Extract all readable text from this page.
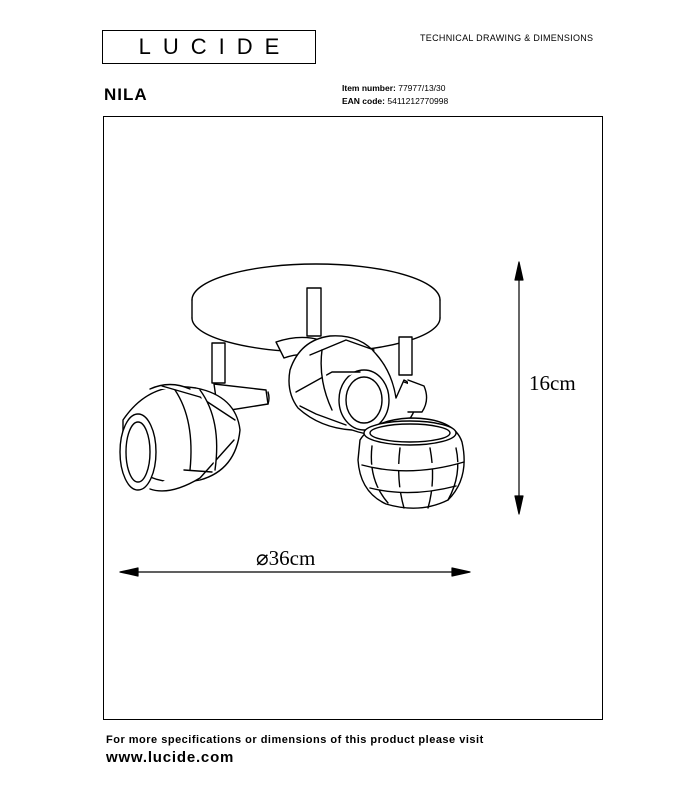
LUCIDE	TECHNICAL DRAWING & DIMENSIONS
NILA	Item number: 77977/13/30
EAN code: 5411212770998
16cm
⌀36cm
For more specifications or dimensions of this product please visit
www.lucide.com
